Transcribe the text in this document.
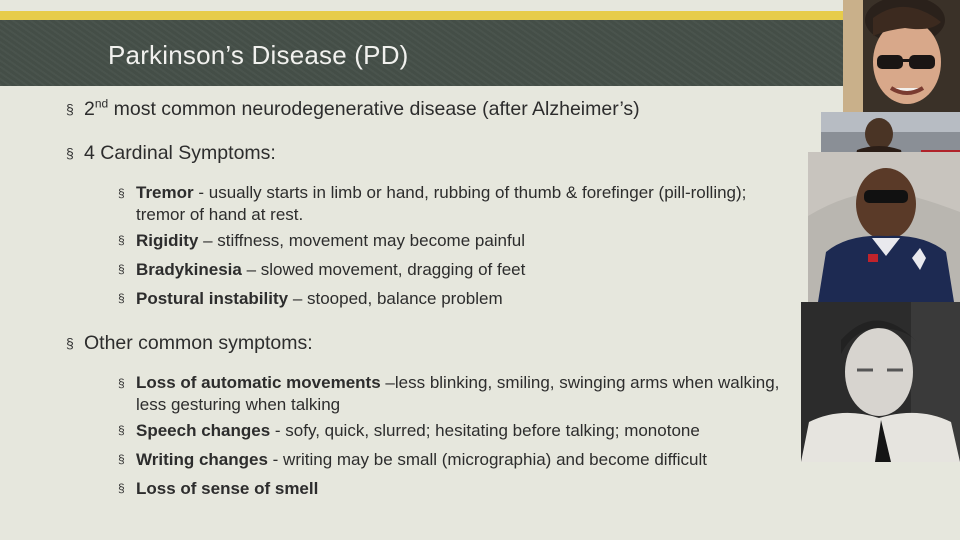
Parkinson’s Disease (PD)
§ 2nd most common neurodegenerative disease (after Alzheimer’s)
§ 4 Cardinal Symptoms:
§ Tremor - usually starts in limb or hand, rubbing of thumb & forefinger (pill-rolling); tremor of hand at rest.
§ Rigidity – stiffness, movement may become painful
§ Bradykinesia – slowed movement, dragging of feet
§ Postural instability – stooped, balance problem
§ Other common symptoms:
§ Loss of automatic movements –less blinking, smiling, swinging arms when walking, less gesturing when talking
§ Speech changes - sofy, quick, slurred; hesitating before talking; monotone
§ Writing changes - writing may be small (micrographia) and become difficult
§ Loss of sense of smell
